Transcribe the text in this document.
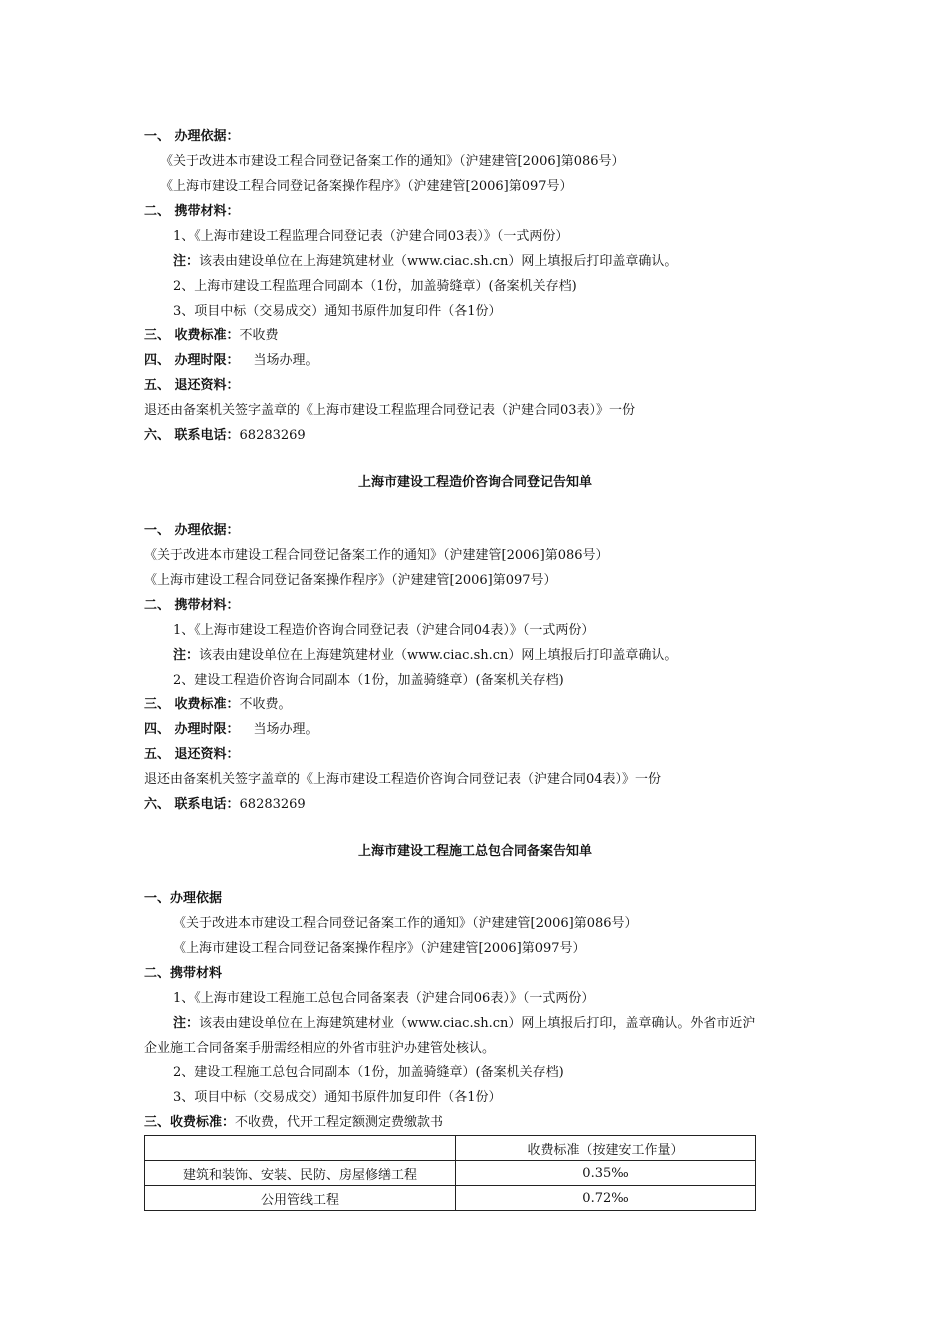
一、 办理依据：
《关于改进本市建设工程合同登记备案工作的通知》（沪建建管[2006]第086号）
《上海市建设工程合同登记备案操作程序》（沪建建管[2006]第097号）
二、 携带材料：
1、《上海市建设工程监理合同登记表（沪建合同03表）》（一式两份）
注：该表由建设单位在上海建筑建材业（www.ciac.sh.cn）网上填报后打印盖章确认。
2、上海市建设工程监理合同副本（1份，加盖骑缝章）(备案机关存档)
3、项目中标（交易成交）通知书原件加复印件（各1份）
三、 收费标准：不收费
四、 办理时限： 当场办理。
五、 退还资料：
退还由备案机关签字盖章的《上海市建设工程监理合同登记表（沪建合同03表）》一份
六、 联系电话：68283269
上海市建设工程造价咨询合同登记告知单
一、 办理依据：
《关于改进本市建设工程合同登记备案工作的通知》（沪建建管[2006]第086号）
《上海市建设工程合同登记备案操作程序》（沪建建管[2006]第097号）
二、 携带材料：
1、《上海市建设工程造价咨询合同登记表（沪建合同04表）》（一式两份）
注：该表由建设单位在上海建筑建材业（www.ciac.sh.cn）网上填报后打印盖章确认。
2、建设工程造价咨询合同副本（1份，加盖骑缝章）(备案机关存档)
三、 收费标准：不收费。
四、 办理时限： 当场办理。
五、 退还资料：
退还由备案机关签字盖章的《上海市建设工程造价咨询合同登记表（沪建合同04表）》一份
六、 联系电话：68283269
上海市建设工程施工总包合同备案告知单
一、办理依据
《关于改进本市建设工程合同登记备案工作的通知》（沪建建管[2006]第086号）
《上海市建设工程合同登记备案操作程序》（沪建建管[2006]第097号）
二、携带材料
1、《上海市建设工程施工总包合同备案表（沪建合同06表）》（一式两份）
注：该表由建设单位在上海建筑建材业（www.ciac.sh.cn）网上填报后打印，盖章确认。外省市近沪
企业施工合同备案手册需经相应的外省市驻沪办建管处核认。
2、建设工程施工总包合同副本（1份，加盖骑缝章）(备案机关存档)
3、项目中标（交易成交）通知书原件加复印件（各1份）
三、收费标准：不收费，代开工程定额测定费缴款书
	收费标准（按建安工作量）
建筑和装饰、安装、民防、房屋修缮工程	0.35‰
公用管线工程	0.72‰
